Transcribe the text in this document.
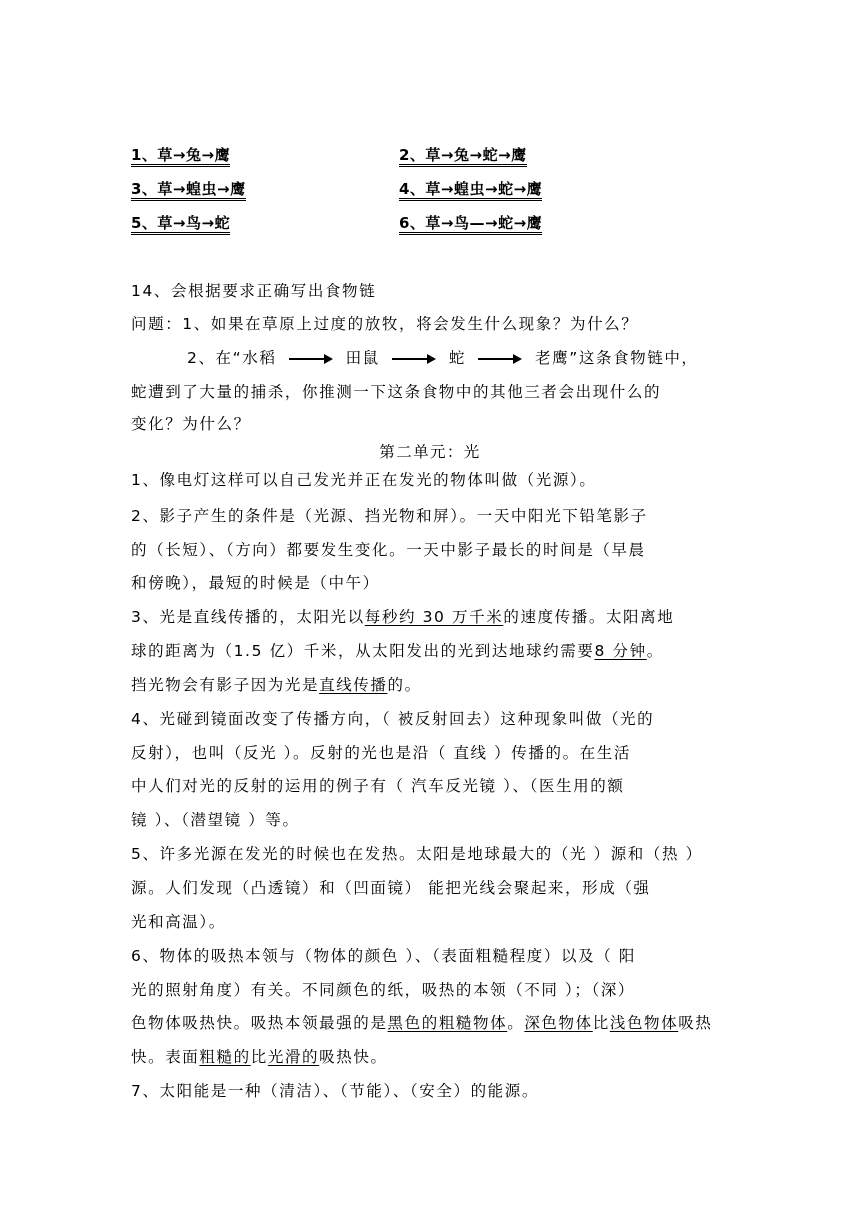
1、草→兔→鹰	2、草→兔→蛇→鹰
3、草→蝗虫→鹰	4、草→蝗虫→蛇→鹰
5、草→鸟→蛇	6、草→鸟—→蛇→鹰
14、会根据要求正确写出食物链
问题：1、如果在草原上过度的放牧，将会发生什么现象？为什么？
2、在“水稻	田鼠	蛇	老鹰”这条食物链中，
蛇遭到了大量的捕杀，你推测一下这条食物中的其他三者会出现什么的
变化？为什么？
第二单元：光
1、像电灯这样可以自己发光并正在发光的物体叫做（光源）。
2、影子产生的条件是（光源、挡光物和屏）。一天中阳光下铅笔影子
的（长短）、（方向）都要发生变化。一天中影子最长的时间是（早晨
和傍晚），最短的时候是（中午）
3、光是直线传播的，太阳光以每秒约 30 万千米的速度传播。太阳离地
球的距离为（1.5 亿）千米，从太阳发出的光到达地球约需要8 分钟。
挡光物会有影子因为光是直线传播的。
4、光碰到镜面改变了传播方向，（ 被反射回去）这种现象叫做（光的
反射），也叫（反光 ）。反射的光也是沿（ 直线 ）传播的。在生活
中人们对光的反射的运用的例子有（ 汽车反光镜 ）、（医生用的额
镜 ）、（潜望镜 ）等。
5、许多光源在发光的时候也在发热。太阳是地球最大的（光 ）源和（热 ）
源。人们发现（凸透镜）和（凹面镜） 能把光线会聚起来，形成（强
光和高温）。
6、物体的吸热本领与（物体的颜色 ）、（表面粗糙程度）以及（ 阳
光的照射角度）有关。不同颜色的纸，吸热的本领（不同 ）；（深）
色物体吸热快。吸热本领最强的是黑色的粗糙物体。深色物体比浅色物体吸热
快。表面粗糙的比光滑的吸热快。
7、太阳能是一种（清洁）、（节能）、（安全）的能源。
